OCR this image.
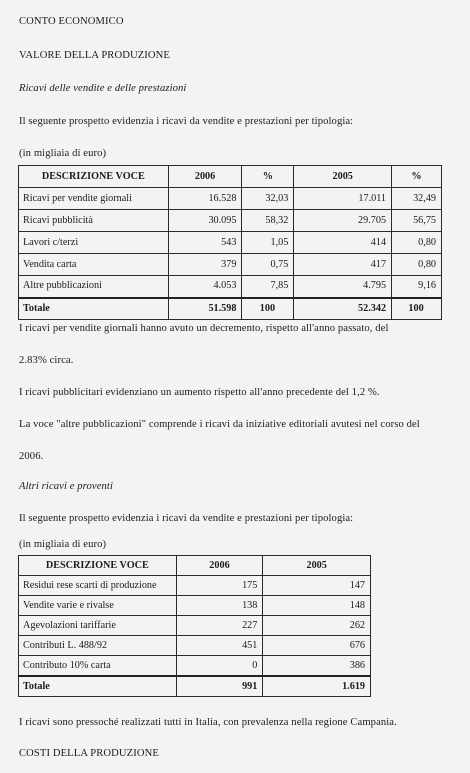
CONTO ECONOMICO
VALORE DELLA PRODUZIONE
Ricavi delle vendite e delle prestazioni
Il seguente prospetto evidenzia i ricavi da vendite e prestazioni per tipologia:
(in migliaia di euro)
DESCRIZIONE VOCE	2006	%	2005	%
Ricavi per vendite giornali	16.528	32,03	17.011	32,49
Ricavi pubblicità	30.095	58,32	29.705	56,75
Lavori c/terzi	543	1,05	414	0,80
Vendita carta	379	0,75	417	0,80
Altre pubblicazioni	4.053	7,85	4.795	9,16
Totale	51.598	100	52.342	100
I ricavi per vendite giornali hanno avuto un decremento, rispetto all'anno passato, del
2.83% circa.
I ricavi pubblicitari evidenziano un aumento rispetto all'anno precedente del 1,2 %.
La voce "altre pubblicazioni" comprende i ricavi da iniziative editoriali avutesi nel corso del
2006.
Altri ricavi e proventi
Il seguente prospetto evidenzia i ricavi da vendite e prestazioni per tipologia:
(in migliaia di euro)
DESCRIZIONE VOCE	2006	2005
Residui rese scarti di produzione	175	147
Vendite varie e rivalse	138	148
Agevolazioni tariffarie	227	262
Contributi L. 488/92	451	676
Contributo 10% carta	0	386
Totale	991	1.619
I ricavi sono pressoché realizzati tutti in Italia, con prevalenza nella regione Campania.
COSTI DELLA PRODUZIONE
